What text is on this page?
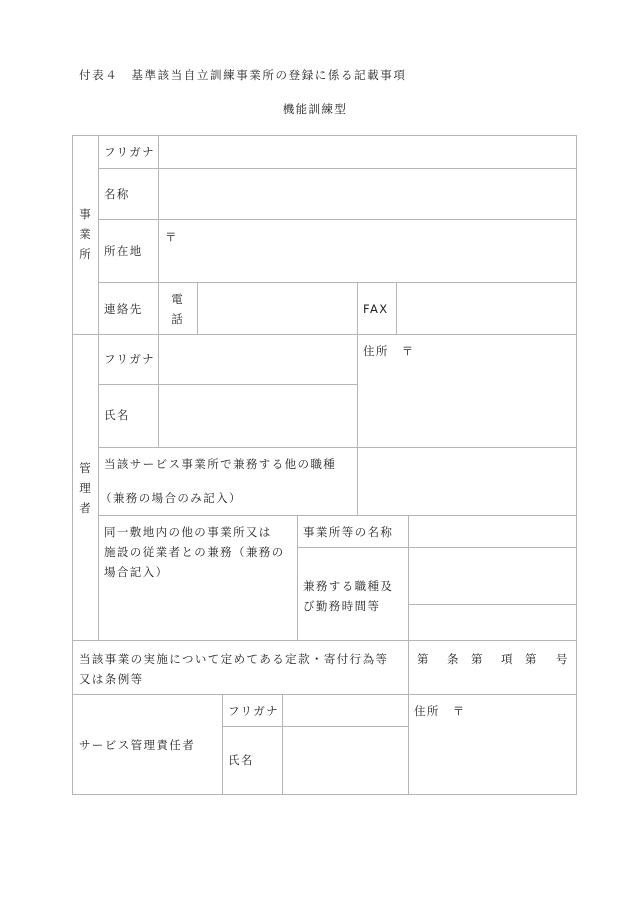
付表４　基準該当自立訓練事業所の登録に係る記載事項
機能訓練型
事
業
所
フリガナ
名称
所在地
〒
連絡先
電
話
FAX
管
理
者
フリガナ
氏名
住所　〒
当該サービス事業所で兼務する他の職種
（兼務の場合のみ記入）
同一敷地内の他の事業所又は
施設の従業者との兼務（兼務の
場合記入）
事業所等の名称
兼務する職種及
び勤務時間等
当該事業の実施について定めてある定款・寄付行為等
又は条例等
第 条 第 項 第 号
サービス管理責任者
フリガナ
氏名
住所　〒
